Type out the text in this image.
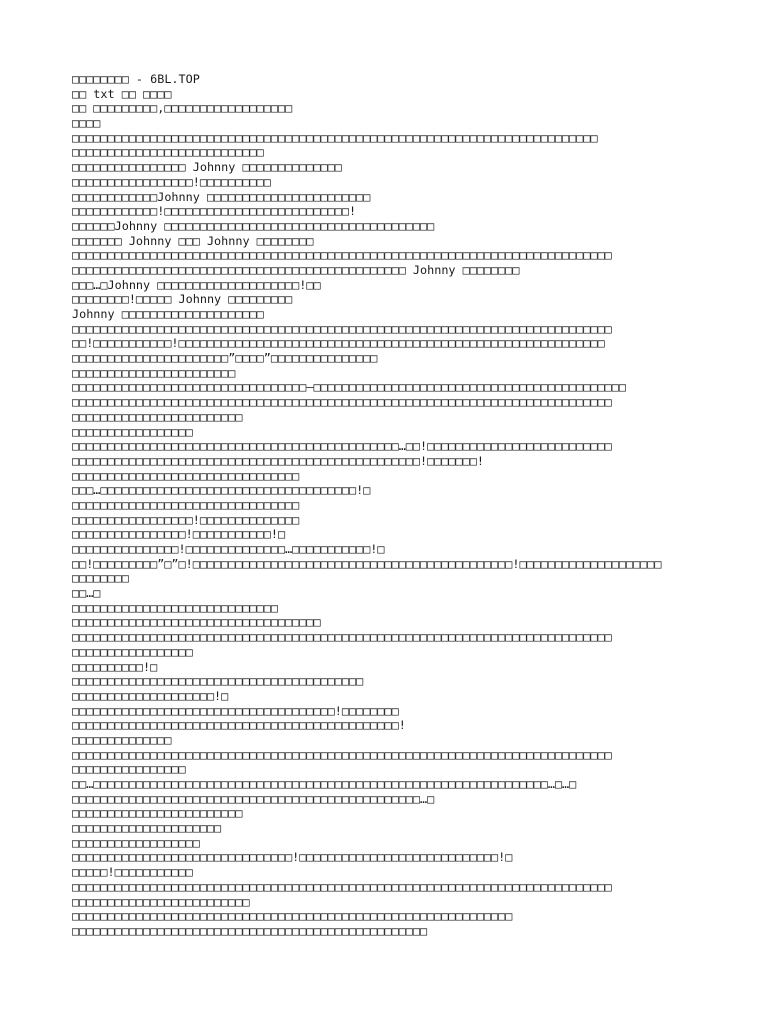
□□□□□□□□ - 6BL.TOP
□□ txt □□ □□□□
□□ □□□□□□□□□,□□□□□□□□□□□□□□□□□□
□□□□
□□□□□□□□□□□□□□□□□□□□□□□□□□□□□□□□□□□□□□□□□□□□□□□□□□□□□□□□□□□□□□□□□□□□□□□□□□
□□□□□□□□□□□□□□□□□□□□□□□□□□□
□□□□□□□□□□□□□□□□ Johnny □□□□□□□□□□□□□□
□□□□□□□□□□□□□□□□□!□□□□□□□□□□
□□□□□□□□□□□□Johnny □□□□□□□□□□□□□□□□□□□□□□□
□□□□□□□□□□□□!□□□□□□□□□□□□□□□□□□□□□□□□□□!
□□□□□□Johnny □□□□□□□□□□□□□□□□□□□□□□□□□□□□□□□□□□□□□□
□□□□□□□ Johnny □□□ Johnny □□□□□□□□
□□□□□□□□□□□□□□□□□□□□□□□□□□□□□□□□□□□□□□□□□□□□□□□□□□□□□□□□□□□□□□□□□□□□□□□□□□□□
□□□□□□□□□□□□□□□□□□□□□□□□□□□□□□□□□□□□□□□□□□□□□□□ Johnny □□□□□□□□
□□□…□Johnny □□□□□□□□□□□□□□□□□□□□!□□
□□□□□□□□!□□□□□ Johnny □□□□□□□□□
Johnny □□□□□□□□□□□□□□□□□□□□
□□□□□□□□□□□□□□□□□□□□□□□□□□□□□□□□□□□□□□□□□□□□□□□□□□□□□□□□□□□□□□□□□□□□□□□□□□□□
□□!□□□□□□□□□□□!□□□□□□□□□□□□□□□□□□□□□□□□□□□□□□□□□□□□□□□□□□□□□□□□□□□□□□□□□□□□
□□□□□□□□□□□□□□□□□□□□□□”□□□□”□□□□□□□□□□□□□□□
□□□□□□□□□□□□□□□□□□□□□□□
□□□□□□□□□□□□□□□□□□□□□□□□□□□□□□□□□—□□□□□□□□□□□□□□□□□□□□□□□□□□□□□□□□□□□□□□□□□□□□
□□□□□□□□□□□□□□□□□□□□□□□□□□□□□□□□□□□□□□□□□□□□□□□□□□□□□□□□□□□□□□□□□□□□□□□□□□□□
□□□□□□□□□□□□□□□□□□□□□□□□
□□□□□□□□□□□□□□□□□
□□□□□□□□□□□□□□□□□□□□□□□□□□□□□□□□□□□□□□□□□□□□□□…□□!□□□□□□□□□□□□□□□□□□□□□□□□□□
□□□□□□□□□□□□□□□□□□□□□□□□□□□□□□□□□□□□□□□□□□□□□□□□□!□□□□□□□!
□□□□□□□□□□□□□□□□□□□□□□□□□□□□□□□□
□□□…□□□□□□□□□□□□□□□□□□□□□□□□□□□□□□□□□□□□!□
□□□□□□□□□□□□□□□□□□□□□□□□□□□□□□□□
□□□□□□□□□□□□□□□□□!□□□□□□□□□□□□□□
□□□□□□□□□□□□□□□□!□□□□□□□□□□□!□
□□□□□□□□□□□□□□□!□□□□□□□□□□□□□□…□□□□□□□□□□□!□
□□!□□□□□□□□□”□”□!□□□□□□□□□□□□□□□□□□□□□□□□□□□□□□□□□□□□□□□□□□□□□!□□□□□□□□□□□□□□□□□□□□
□□□□□□□□
□□…□
□□□□□□□□□□□□□□□□□□□□□□□□□□□□□
□□□□□□□□□□□□□□□□□□□□□□□□□□□□□□□□□□□
□□□□□□□□□□□□□□□□□□□□□□□□□□□□□□□□□□□□□□□□□□□□□□□□□□□□□□□□□□□□□□□□□□□□□□□□□□□□
□□□□□□□□□□□□□□□□□
□□□□□□□□□□!□
□□□□□□□□□□□□□□□□□□□□□□□□□□□□□□□□□□□□□□□□□
□□□□□□□□□□□□□□□□□□□□!□
□□□□□□□□□□□□□□□□□□□□□□□□□□□□□□□□□□□□□!□□□□□□□□
□□□□□□□□□□□□□□□□□□□□□□□□□□□□□□□□□□□□□□□□□□□□□□!
□□□□□□□□□□□□□□
□□□□□□□□□□□□□□□□□□□□□□□□□□□□□□□□□□□□□□□□□□□□□□□□□□□□□□□□□□□□□□□□□□□□□□□□□□□□
□□□□□□□□□□□□□□□□
□□…□□□□□□□□□□□□□□□□□□□□□□□□□□□□□□□□□□□□□□□□□□□□□□□□□□□□□□□□□□□□□□□□…□…□
□□□□□□□□□□□□□□□□□□□□□□□□□□□□□□□□□□□□□□□□□□□□□□□□□…□
□□□□□□□□□□□□□□□□□□□□□□□□
□□□□□□□□□□□□□□□□□□□□□
□□□□□□□□□□□□□□□□□□
□□□□□□□□□□□□□□□□□□□□□□□□□□□□□□□!□□□□□□□□□□□□□□□□□□□□□□□□□□□□!□
□□□□□!□□□□□□□□□□□
□□□□□□□□□□□□□□□□□□□□□□□□□□□□□□□□□□□□□□□□□□□□□□□□□□□□□□□□□□□□□□□□□□□□□□□□□□□□
□□□□□□□□□□□□□□□□□□□□□□□□□
□□□□□□□□□□□□□□□□□□□□□□□□□□□□□□□□□□□□□□□□□□□□□□□□□□□□□□□□□□□□□□
□□□□□□□□□□□□□□□□□□□□□□□□□□□□□□□□□□□□□□□□□□□□□□□□□□
